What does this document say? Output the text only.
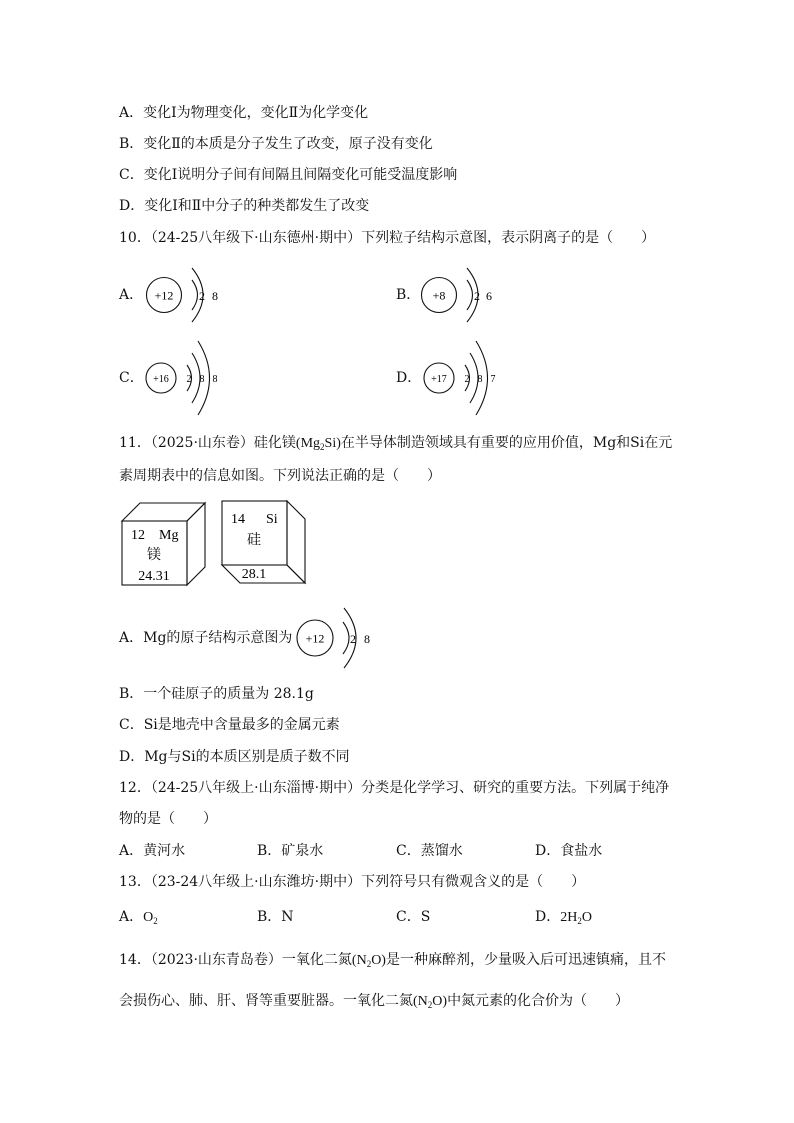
A．变化Ⅰ为物理变化，变化Ⅱ为化学变化
B．变化Ⅱ的本质是分子发生了改变，原子没有变化
C．变化Ⅰ说明分子间有间隔且间隔变化可能受温度影响
D．变化Ⅰ和Ⅱ中分子的种类都发生了改变
10．（24-25八年级下·山东德州·期中）下列粒子结构示意图，表示阴离子的是（　　）
A． +12 2 8	B． +8 2 6
C． +16 2 8 8	D． +17 2 8 7
11．（2025·山东卷）硅化镁$(Mg_2Si)$在半导体制造领域具有重要的应用价值，Mg和Si在元
素周期表中的信息如图。下列说法正确的是（　　）
12 Mg
镁
24.31
14 Si
硅
28.1
A．Mg的原子结构示意图为 +12 2 8
B．一个硅原子的质量为 28.1g
C．Si是地壳中含量最多的金属元素
D．Mg与Si的本质区别是质子数不同
12．（24-25八年级上·山东淄博·期中）分类是化学学习、研究的重要方法。下列属于纯净
物的是（　　）
A．黄河水	B．矿泉水	C．蒸馏水	D．食盐水
13．（23-24八年级上·山东潍坊·期中）下列符号只有微观含义的是（　　）
A．$O_2$	B．N	C．S	D．$2H_2O$
14．（2023·山东青岛卷）一氧化二氮$(N_2O)$是一种麻醉剂，少量吸入后可迅速镇痛，且不
会损伤心、肺、肝、肾等重要脏器。一氧化二氮$(N_2O)$中氮元素的化合价为（　　）
